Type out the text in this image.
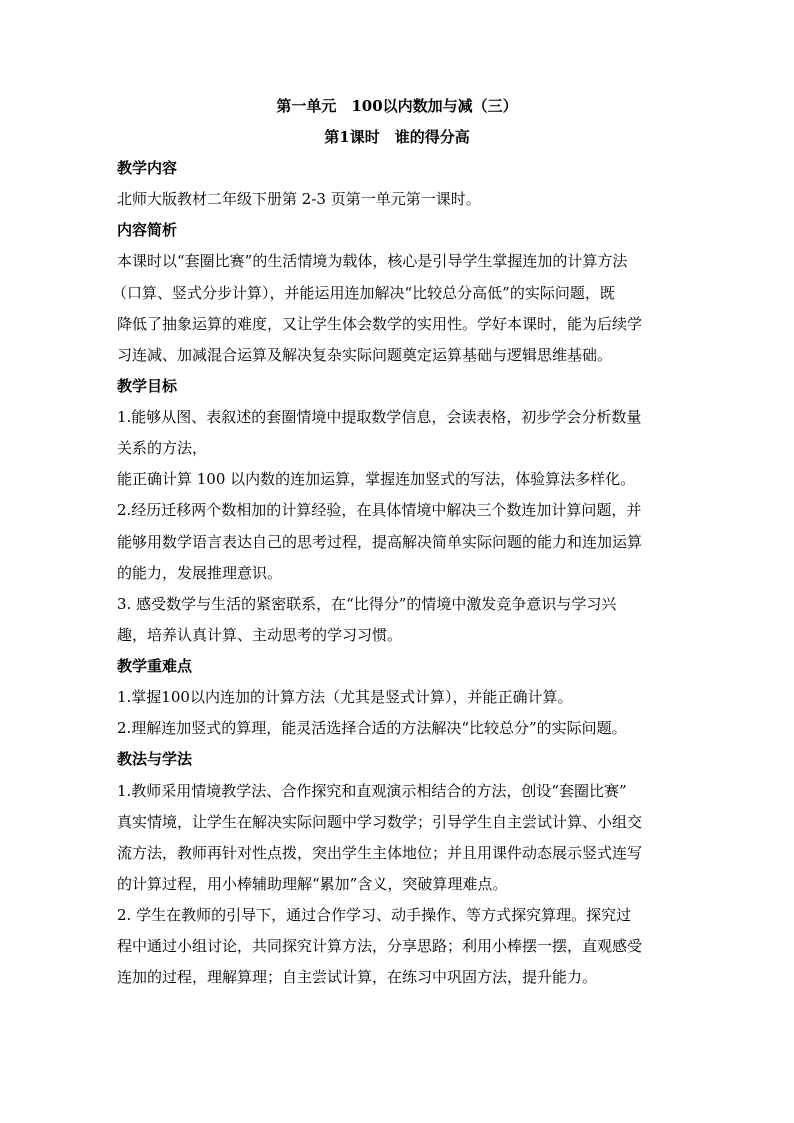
第一单元　100以内数加与减（三）
第1课时　谁的得分高
教学内容
北师大版教材二年级下册第 2-3 页第一单元第一课时。
内容简析
本课时以“套圈比赛”的生活情境为载体，核心是引导学生掌握连加的计算方法
（口算、竖式分步计算），并能运用连加解决“比较总分高低”的实际问题，既
降低了抽象运算的难度，又让学生体会数学的实用性。学好本课时，能为后续学
习连减、加减混合运算及解决复杂实际问题奠定运算基础与逻辑思维基础。
教学目标
1.能够从图、表叙述的套圈情境中提取数学信息，会读表格，初步学会分析数量
关系的方法，
能正确计算 100 以内数的连加运算，掌握连加竖式的写法，体验算法多样化。
2.经历迁移两个数相加的计算经验，在具体情境中解决三个数连加计算问题，并
能够用数学语言表达自己的思考过程，提高解决简单实际问题的能力和连加运算
的能力，发展推理意识。
3. 感受数学与生活的紧密联系，在“比得分”的情境中激发竞争意识与学习兴
趣，培养认真计算、主动思考的学习习惯。
教学重难点
1.掌握100以内连加的计算方法（尤其是竖式计算），并能正确计算。
2.理解连加竖式的算理，能灵活选择合适的方法解决“比较总分”的实际问题。
教法与学法
1.教师采用情境教学法、合作探究和直观演示相结合的方法，创设“套圈比赛”
真实情境，让学生在解决实际问题中学习数学；引导学生自主尝试计算、小组交
流方法，教师再针对性点拨，突出学生主体地位；并且用课件动态展示竖式连写
的计算过程，用小棒辅助理解“累加”含义，突破算理难点。
2. 学生在教师的引导下，通过合作学习、动手操作、等方式探究算理。探究过
程中通过小组讨论，共同探究计算方法，分享思路；利用小棒摆一摆，直观感受
连加的过程，理解算理；自主尝试计算，在练习中巩固方法，提升能力。
